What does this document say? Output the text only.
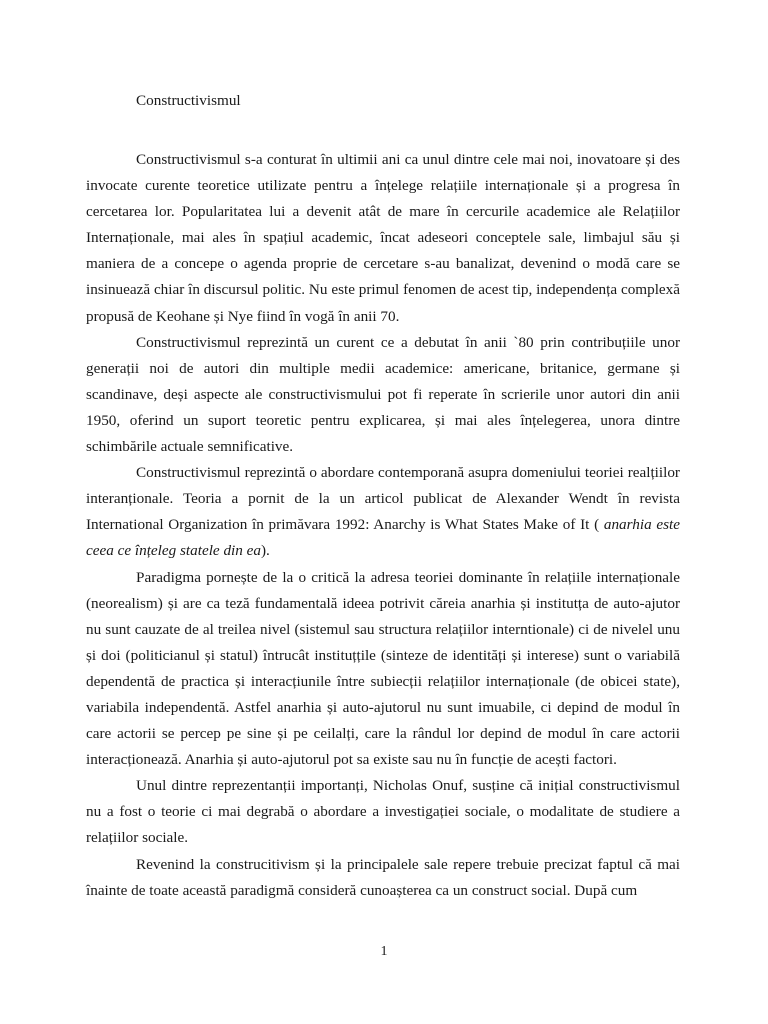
Constructivismul

Constructivismul s-a conturat în ultimii ani ca unul dintre cele mai noi, inovatoare și des invocate curente teoretice utilizate pentru a înțelege relațiile internaționale și a progresa în cercetarea lor. Popularitatea lui a devenit atât de mare în cercurile academice ale Relațiilor Internaționale, mai ales în spațiul academic, încat adeseori conceptele sale, limbajul său și maniera de a concepe o agenda proprie de cercetare s-au banalizat, devenind o modă care se insinuează chiar în discursul politic. Nu este primul fenomen de acest tip, independența complexă propusă de Keohane și Nye fiind în vogă în anii 70.

Constructivismul reprezintă un curent ce a debutat în anii `80 prin contribuțiile unor generații noi de autori din multiple medii academice: americane, britanice, germane și scandinave, deși aspecte ale constructivismului pot fi reperate în scrierile unor autori din anii 1950, oferind un suport teoretic pentru explicarea, și mai ales înțelegerea, unora dintre schimbările actuale semnificative.

Constructivismul reprezintă o abordare contemporană asupra domeniului teoriei realțiilor interanționale. Teoria a pornit de la un articol publicat de Alexander Wendt în revista International Organization în primăvara 1992: Anarchy is What States Make of It ( anarhia este ceea ce înțeleg statele din ea).

Paradigma pornește de la o critică la adresa teoriei dominante în relațiile internaționale (neorealism) și are ca teză fundamentală ideea potrivit căreia anarhia și institutța de auto-ajutor nu sunt cauzate de al treilea nivel (sistemul sau structura relațiilor interntionale) ci de nivelel unu și doi (politicianul și statul) întrucât instituțțile (sinteze de identități și interese) sunt o variabilă dependentă de practica și interacțiunile între subiecții relațiilor internaționale (de obicei state), variabila independentă. Astfel anarhia și auto-ajutorul nu sunt imuabile, ci depind de modul în care actorii se percep pe sine și pe ceilalți, care la rândul lor depind de modul în care actorii interacționează. Anarhia și auto-ajutorul pot sa existe sau nu în funcție de acești factori.

Unul dintre reprezentanții importanți, Nicholas Onuf, susține că inițial constructivismul nu a fost o teorie ci mai degrabă o abordare a investigației sociale, o modalitate de studiere a relațiilor sociale.

Revenind la construcitivism și la principalele sale repere trebuie precizat faptul că mai înainte de toate această paradigmă consideră cunoașterea ca un construct social. După cum

1
